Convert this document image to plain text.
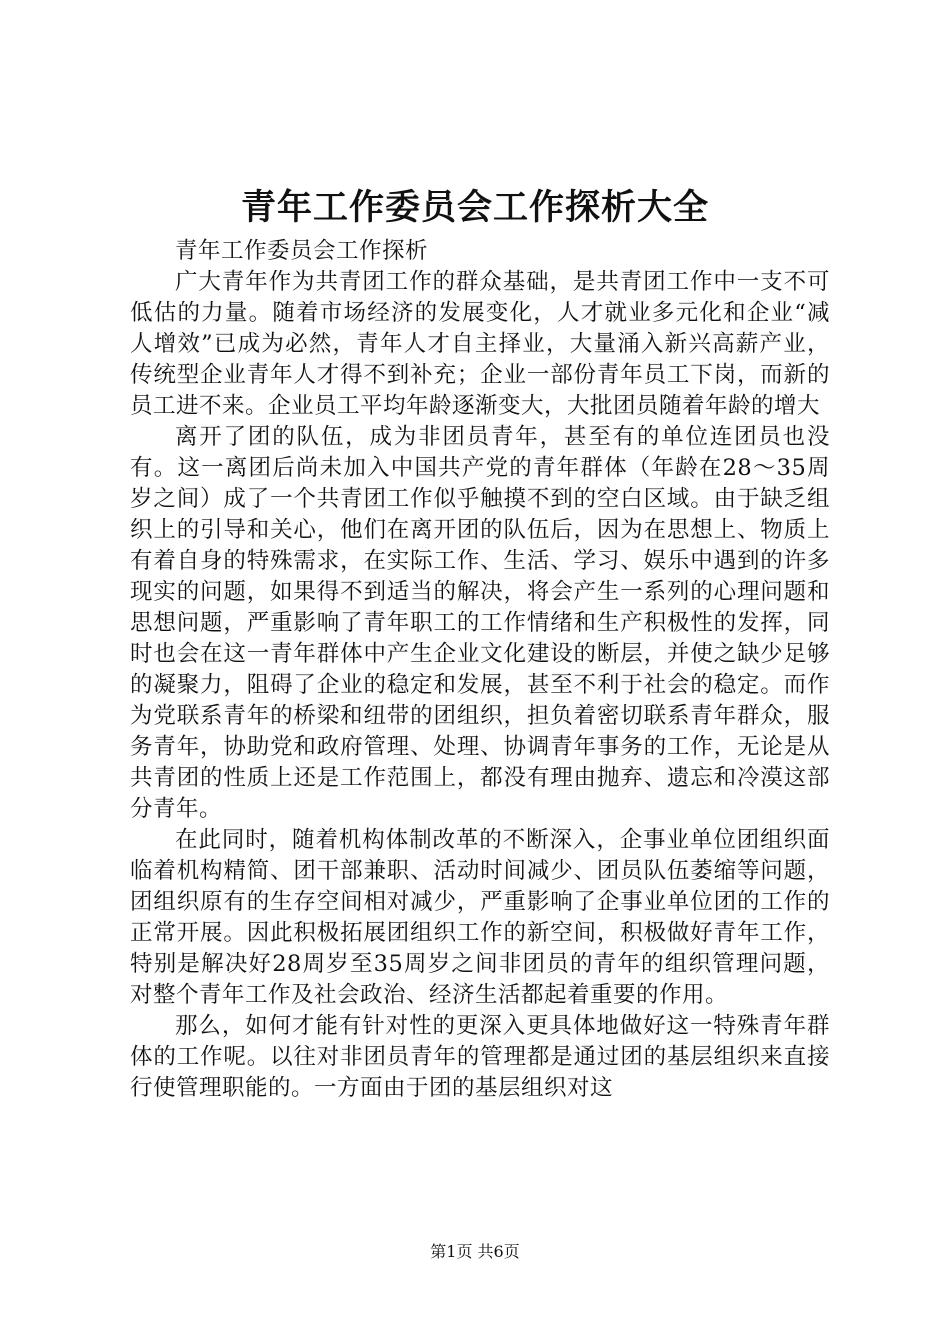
青年工作委员会工作探析大全

青年工作委员会工作探析

广大青年作为共青团工作的群众基础，是共青团工作中一支不可低估的力量。随着市场经济的发展变化，人才就业多元化和企业“减人增效”已成为必然，青年人才自主择业，大量涌入新兴高薪产业，传统型企业青年人才得不到补充；企业一部份青年员工下岗，而新的员工进不来。企业员工平均年龄逐渐变大，大批团员随着年龄的增大

离开了团的队伍，成为非团员青年，甚至有的单位连团员也没有。这一离团后尚未加入中国共产党的青年群体（年龄在28～35周岁之间）成了一个共青团工作似乎触摸不到的空白区域。由于缺乏组织上的引导和关心，他们在离开团的队伍后，因为在思想上、物质上有着自身的特殊需求，在实际工作、生活、学习、娱乐中遇到的许多现实的问题，如果得不到适当的解决，将会产生一系列的心理问题和思想问题，严重影响了青年职工的工作情绪和生产积极性的发挥，同时也会在这一青年群体中产生企业文化建设的断层，并使之缺少足够的凝聚力，阻碍了企业的稳定和发展，甚至不利于社会的稳定。而作为党联系青年的桥梁和纽带的团组织，担负着密切联系青年群众，服务青年，协助党和政府管理、处理、协调青年事务的工作，无论是从共青团的性质上还是工作范围上，都没有理由抛弃、遗忘和冷漠这部分青年。

在此同时，随着机构体制改革的不断深入，企事业单位团组织面临着机构精简、团干部兼职、活动时间减少、团员队伍萎缩等问题，团组织原有的生存空间相对减少，严重影响了企事业单位团的工作的正常开展。因此积极拓展团组织工作的新空间，积极做好青年工作，特别是解决好28周岁至35周岁之间非团员的青年的组织管理问题，对整个青年工作及社会政治、经济生活都起着重要的作用。

那么，如何才能有针对性的更深入更具体地做好这一特殊青年群体的工作呢。以往对非团员青年的管理都是通过团的基层组织来直接行使管理职能的。一方面由于团的基层组织对这

第1页 共6页
